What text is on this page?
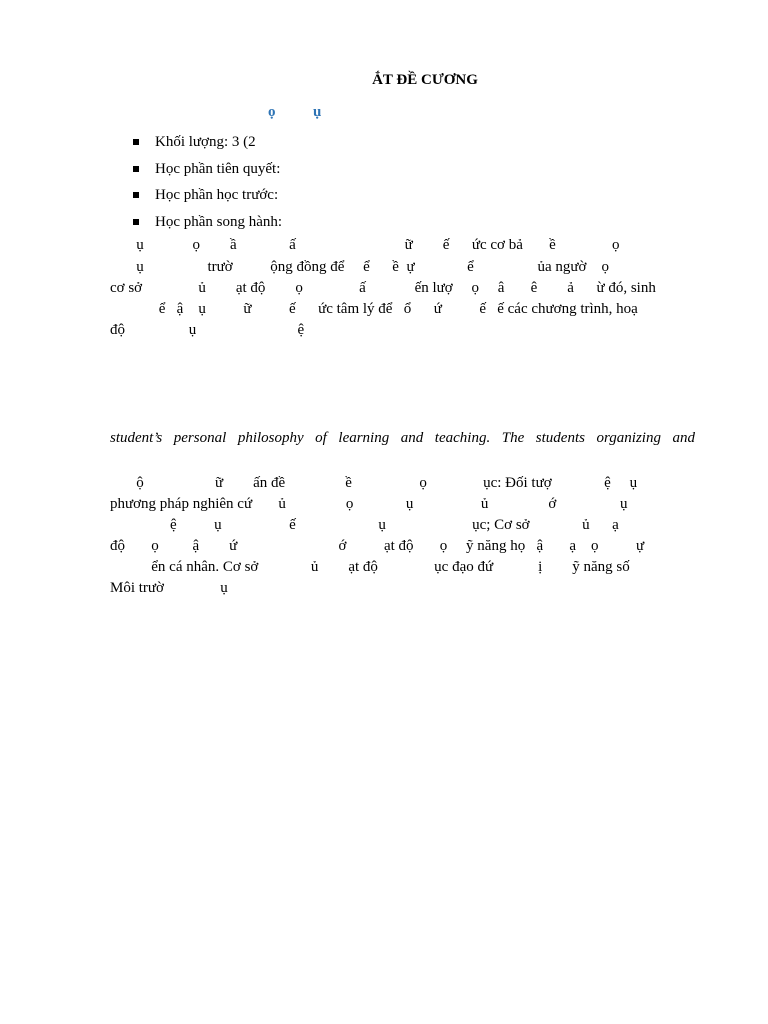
ẮT ĐỀ CƯƠNG
ọ          ụ
Khối lượng: 3 (2
Học phần tiên quyết:
Học phần học trước:
Học phần song hành:
ụ             ọ        ầ              ấ                             ữ        ế      ức cơ bả       ề               ọ
ụ                 trườ          ộng đồng để     ể      ề  ự              ể                 ủa ngườ    ọ
cơ sở               ủ        ạt độ        ọ               ấ             ến lượ     ọ     â       ê        ả      ừ đó, sinh
ể   ậ    ụ          ữ          ế      ức tâm lý để   ổ      ứ          ế   ế các chương trình, hoạ
độ                 ụ                           ệ
student’s personal philosophy of learning and teaching. The students organizing and
ộ                   ữ        ấn đề                ề                  ọ               ục: Đối tượ              ệ     ụ
phương pháp nghiên cứ       ủ                ọ              ụ                  ủ                ớ                 ụ
ệ          ụ                  ế                      ụ                       ục; Cơ sở              ủ      ạ
độ       ọ         ậ        ứ                           ớ          ạt độ       ọ     ỹ năng họ   ậ       ạ    ọ          ự
ển cá nhân. Cơ sở              ủ        ạt độ               ục đạo đứ            ị        ỹ năng số
Môi trườ               ụ
